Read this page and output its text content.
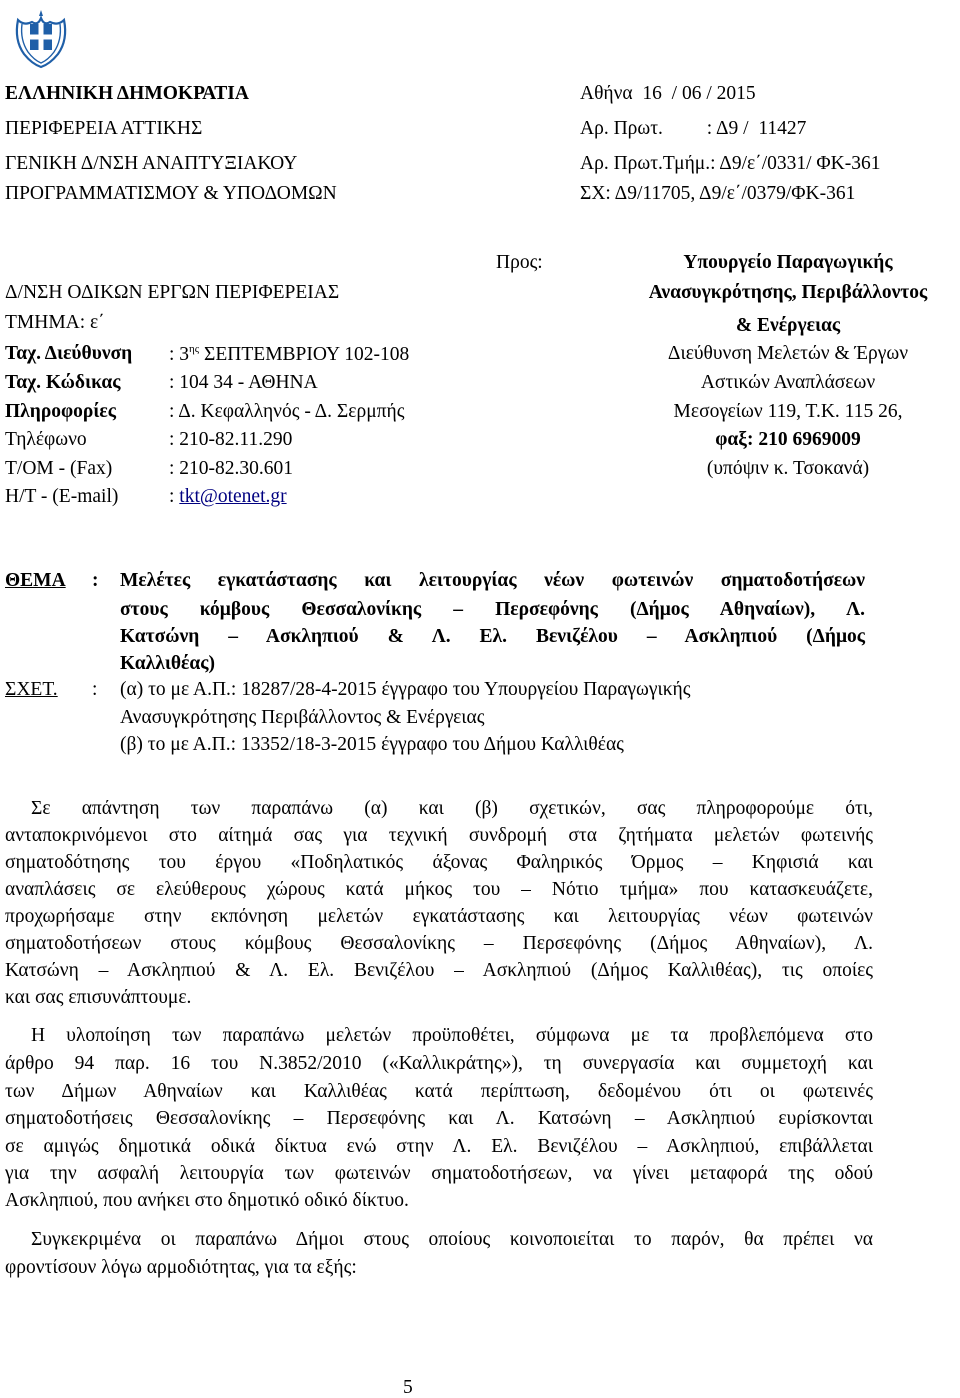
ΕΛΛΗΝΙΚΗ ΔΗΜΟΚΡΑΤΙΑ
ΠΕΡΙΦΕΡΕΙΑ ΑΤΤΙΚΗΣ
ΓΕΝΙΚΗ Δ/ΝΣΗ ΑΝΑΠΤΥΞΙΑΚΟΥ
ΠΡΟΓΡΑΜΜΑΤΙΣΜΟΥ & ΥΠΟΔΟΜΩΝ
Αθήνα  16  / 06 / 2015
Αρ. Πρωτ.         : Δ9 /  11427
Αρ. Πρωτ.Τμήμ.: Δ9/ε΄/0331/ ΦΚ-361
ΣΧ: Δ9/11705, Δ9/ε΄/0379/ΦΚ-361
Δ/ΝΣΗ ΟΔΙΚΩΝ ΕΡΓΩΝ ΠΕΡΙΦΕΡΕΙΑΣ
ΤΜΗΜΑ: ε΄
Ταχ. Διεύθυνση : $3^{\eta\varsigma}$ ΣΕΠΤΕΜΒΡΙΟΥ 102-108
Ταχ. Κώδικας : 104 34 - ΑΘΗΝΑ
Πληροφορίες	: Δ. Κεφαλληνός - Δ. Σερμπής
Τηλέφωνο	: 210-82.11.290
Τ/ΟΜ - (Fax)	: 210-82.30.601
Η/Τ - (E-mail)	: tkt@otenet.gr
Προς:	Υπουργείο Παραγωγικής
Ανασυγκρότησης, Περιβάλλοντος
& Ενέργειας
Διεύθυνση Μελετών & Έργων
Αστικών Αναπλάσεων
Μεσογείων 119, Τ.Κ. 115 26,
φαξ: 210 6969009
(υπόψιν κ. Τσοκανά)
ΘΕΜΑ : Μελέτες εγκατάστασης και λειτουργίας νέων φωτεινών σηματοδοτήσεων
στους κόμβους Θεσσαλονίκης – Περσεφόνης (Δήμος Αθηναίων), Λ.
Κατσώνη – Ασκληπιού & Λ. Ελ. Βενιζέλου – Ασκληπιού (Δήμος
Καλλιθέας)
ΣΧΕΤ. : (α) το με Α.Π.: 18287/28-4-2015 έγγραφο του Υπουργείου Παραγωγικής
Ανασυγκρότησης Περιβάλλοντος & Ενέργειας
(β) το με Α.Π.: 13352/18-3-2015 έγγραφο του Δήμου Καλλιθέας
Σε απάντηση των παραπάνω (α) και (β) σχετικών, σας πληροφορούμε ότι,
ανταποκρινόμενοι στο αίτημά σας για τεχνική συνδρομή στα ζητήματα μελετών φωτεινής
σηματοδότησης του έργου «Ποδηλατικός άξονας Φαληρικός Όρμος – Κηφισιά και
αναπλάσεις σε ελεύθερους χώρους κατά μήκος του – Νότιο τμήμα» που κατασκευάζετε,
προχωρήσαμε στην εκπόνηση μελετών εγκατάστασης και λειτουργίας νέων φωτεινών
σηματοδοτήσεων στους κόμβους Θεσσαλονίκης – Περσεφόνης (Δήμος Αθηναίων), Λ.
Κατσώνη – Ασκληπιού & Λ. Ελ. Βενιζέλου – Ασκληπιού (Δήμος Καλλιθέας), τις οποίες
και σας επισυνάπτουμε.
Η υλοποίηση των παραπάνω μελετών προϋποθέτει, σύμφωνα με τα προβλεπόμενα στο
άρθρο 94 παρ. 16 του Ν.3852/2010 («Καλλικράτης»), τη συνεργασία και συμμετοχή και
των Δήμων Αθηναίων και Καλλιθέας κατά περίπτωση, δεδομένου ότι οι φωτεινές
σηματοδοτήσεις Θεσσαλονίκης – Περσεφόνης και Λ. Κατσώνη – Ασκληπιού ευρίσκονται
σε αμιγώς δημοτικά οδικά δίκτυα ενώ στην Λ. Ελ. Βενιζέλου – Ασκληπιού, επιβάλλεται
για την ασφαλή λειτουργία των φωτεινών σηματοδοτήσεων, να γίνει μεταφορά της οδού
Ασκληπιού, που ανήκει στο δημοτικό οδικό δίκτυο.
Συγκεκριμένα οι παραπάνω Δήμοι στους οποίους κοινοποιείται το παρόν, θα πρέπει να
φροντίσουν λόγω αρμοδιότητας, για τα εξής:
5
